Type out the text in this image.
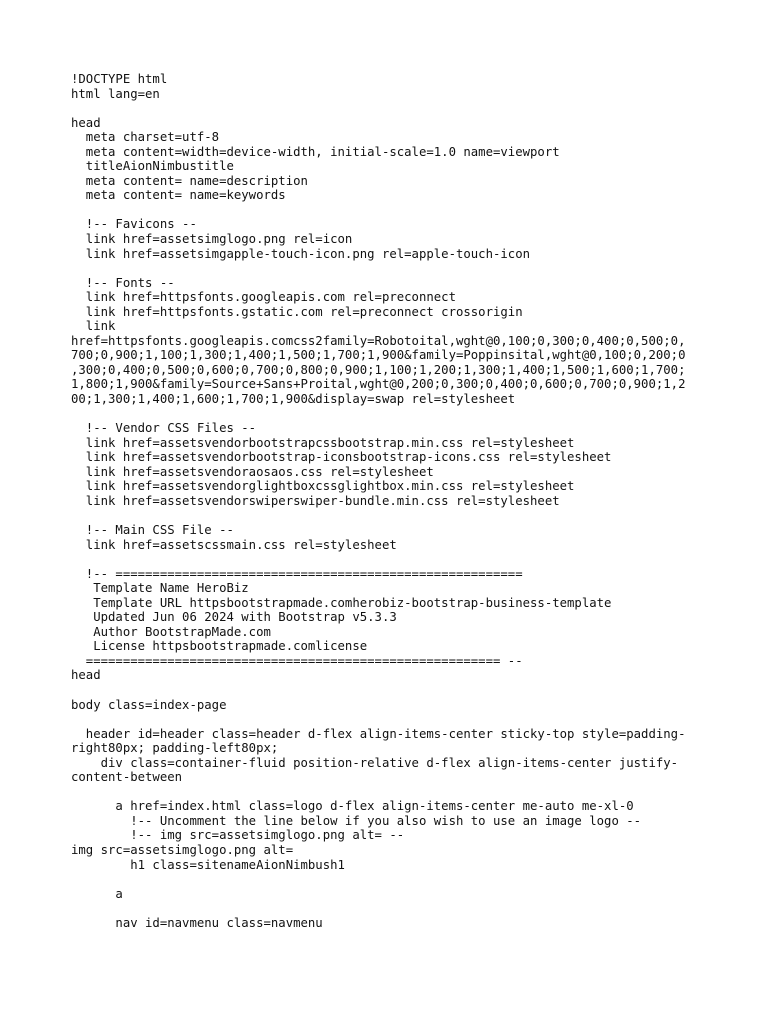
!DOCTYPE html
html lang=en
head
meta charset=utf-8
meta content=width=device-width, initial-scale=1.0 name=viewport
titleAionNimbustitle
meta content= name=description
meta content= name=keywords
!-- Favicons --
link href=assetsimglogo.png rel=icon
link href=assetsimgapple-touch-icon.png rel=apple-touch-icon
!-- Fonts --
link href=httpsfonts.googleapis.com rel=preconnect
link href=httpsfonts.gstatic.com rel=preconnect crossorigin
link
href=httpsfonts.googleapis.comcss2family=Robotoital,wght@0,100;0,300;0,400;0,500;0,
700;0,900;1,100;1,300;1,400;1,500;1,700;1,900&family=Poppinsital,wght@0,100;0,200;0
,300;0,400;0,500;0,600;0,700;0,800;0,900;1,100;1,200;1,300;1,400;1,500;1,600;1,700;
1,800;1,900&family=Source+Sans+Proital,wght@0,200;0,300;0,400;0,600;0,700;0,900;1,2
00;1,300;1,400;1,600;1,700;1,900&display=swap rel=stylesheet
!-- Vendor CSS Files --
link href=assetsvendorbootstrapcssbootstrap.min.css rel=stylesheet
link href=assetsvendorbootstrap-iconsbootstrap-icons.css rel=stylesheet
link href=assetsvendoraosaos.css rel=stylesheet
link href=assetsvendorglightboxcssglightbox.min.css rel=stylesheet
link href=assetsvendorswiperswiper-bundle.min.css rel=stylesheet
!-- Main CSS File --
link href=assetscssmain.css rel=stylesheet
!-- =======================================================
Template Name HeroBiz
Template URL httpsbootstrapmade.comherobiz-bootstrap-business-template
Updated Jun 06 2024 with Bootstrap v5.3.3
Author BootstrapMade.com
License httpsbootstrapmade.comlicense
======================================================== --
head
body class=index-page
header id=header class=header d-flex align-items-center sticky-top style=padding-
right80px; padding-left80px;
div class=container-fluid position-relative d-flex align-items-center justify-
content-between
a href=index.html class=logo d-flex align-items-center me-auto me-xl-0
!-- Uncomment the line below if you also wish to use an image logo --
!-- img src=assetsimglogo.png alt= --
img src=assetsimglogo.png alt=
h1 class=sitenameAionNimbush1
a
nav id=navmenu class=navmenu
